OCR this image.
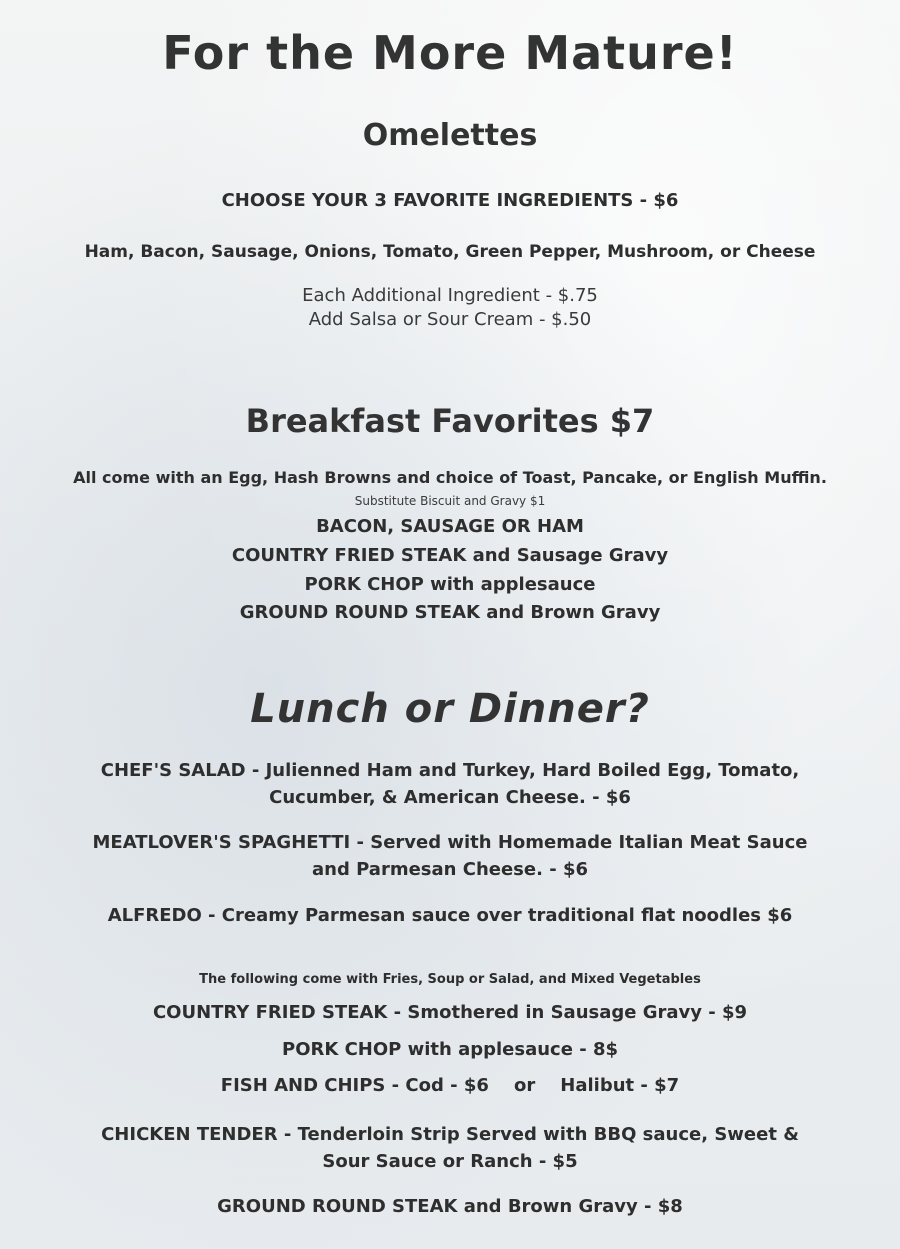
For the More Mature!
Omelettes

CHOOSE YOUR 3 FAVORITE INGREDIENTS - $6

Ham, Bacon, Sausage, Onions, Tomato, Green Pepper, Mushroom, or Cheese

Each Additional Ingredient - $.75

Add Salsa or Sour Cream - $.50

Breakfast Favorites $7

All come with an Egg, Hash Browns and choice of Toast, Pancake, or English Muffin.

Substitute Biscuit and Gravy $1

BACON, SAUSAGE OR HAM

COUNTRY FRIED STEAK and Sausage Gravy

PORK CHOP with applesauce

GROUND ROUND STEAK and Brown Gravy

Lunch or Dinner?

CHEF'S SALAD - Julienned Ham and Turkey, Hard Boiled Egg, Tomato,

Cucumber, & American Cheese. - $6

MEATLOVER'S SPAGHETTI - Served with Homemade Italian Meat Sauce

and Parmesan Cheese. - $6

ALFREDO - Creamy Parmesan sauce over traditional flat noodles $6

The following come with Fries, Soup or Salad, and Mixed Vegetables

COUNTRY FRIED STEAK - Smothered in Sausage Gravy - $9

PORK CHOP with applesauce - 8$

FISH AND CHIPS - Cod - $6    or    Halibut - $7

CHICKEN TENDER - Tenderloin Strip Served with BBQ sauce, Sweet &

Sour Sauce or Ranch - $5

GROUND ROUND STEAK and Brown Gravy - $8
